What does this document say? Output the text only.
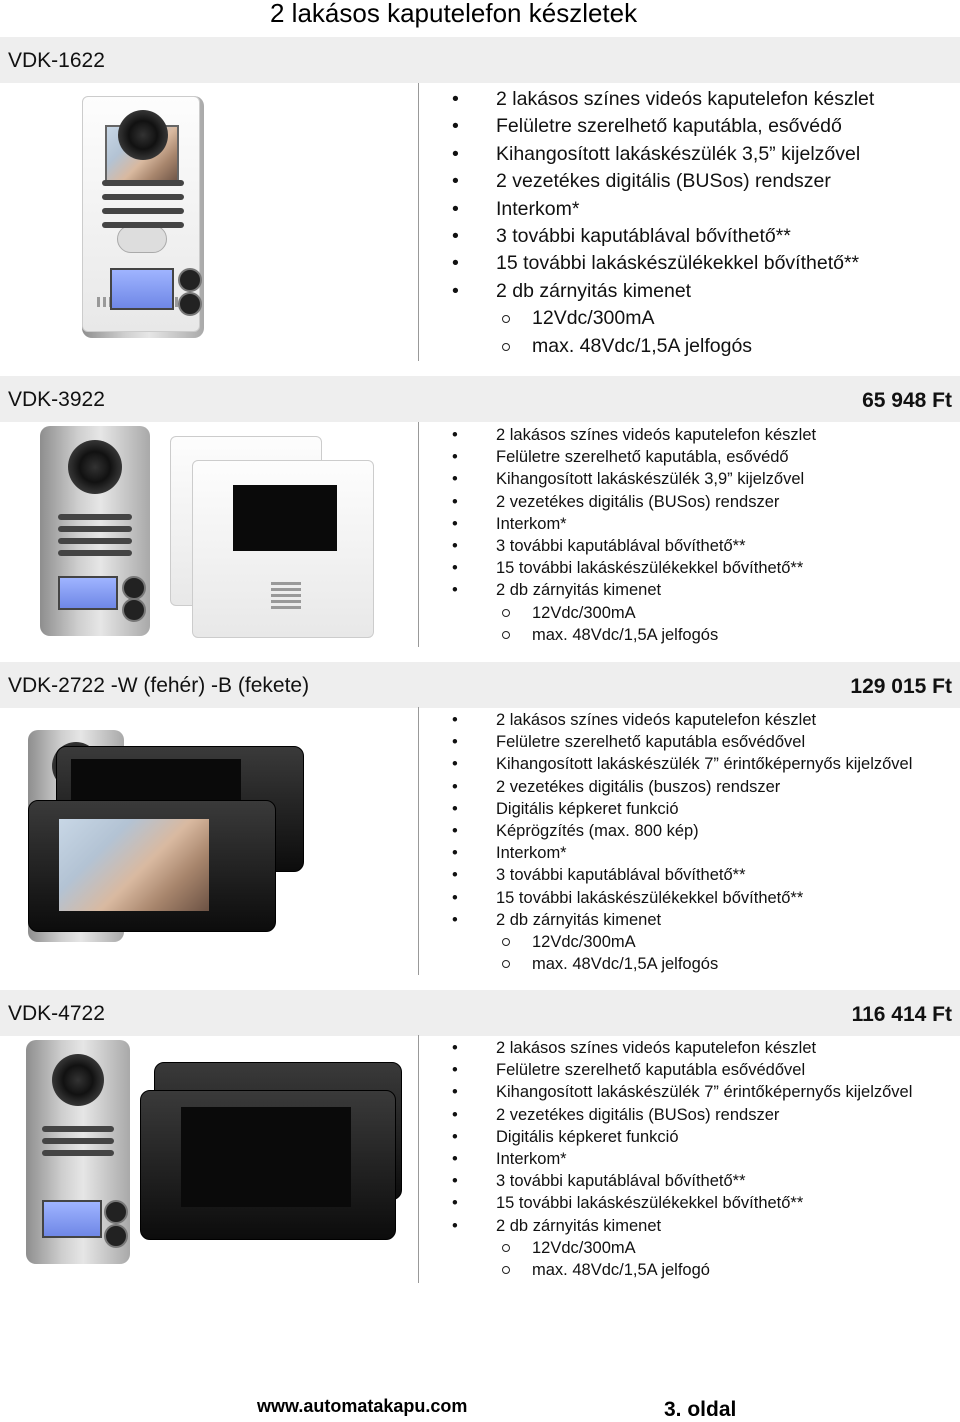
2 lakásos kaputelefon készletek
VDK-1622
• 2 lakásos színes videós kaputelefon készlet
• Felületre szerelhető kaputábla, esővédő
• Kihangosított lakáskészülék 3,5” kijelzővel
• 2 vezetékes digitális (BUSos) rendszer
• Interkom*
• 3 további kaputáblával bővíthető**
• 15 további lakáskészülékekkel bővíthető**
• 2 db zárnyitás kimenet
12Vdc/300mA
max. 48Vdc/1,5A jelfogós
VDK-3922	65 948 Ft
• 2 lakásos színes videós kaputelefon készlet
• Felületre szerelhető kaputábla, esővédő
• Kihangosított lakáskészülék 3,9” kijelzővel
• 2 vezetékes digitális (BUSos) rendszer
• Interkom*
• 3 további kaputáblával bővíthető**
• 15 további lakáskészülékekkel bővíthető**
• 2 db zárnyitás kimenet
12Vdc/300mA
max. 48Vdc/1,5A jelfogós
VDK-2722 -W (fehér) -B (fekete)	129 015 Ft
• 2 lakásos színes videós kaputelefon készlet
• Felületre szerelhető kaputábla esővédővel
• Kihangosított lakáskészülék 7” érintőképernyős kijelzővel
• 2 vezetékes digitális (buszos) rendszer
• Digitális képkeret funkció
• Képrögzítés (max. 800 kép)
• Interkom*
• 3 további kaputáblával bővíthető**
• 15 további lakáskészülékekkel bővíthető**
• 2 db zárnyitás kimenet
12Vdc/300mA
max. 48Vdc/1,5A jelfogós
VDK-4722	116 414 Ft
• 2 lakásos színes videós kaputelefon készlet
• Felületre szerelhető kaputábla esővédővel
• Kihangosított lakáskészülék 7” érintőképernyős kijelzővel
• 2 vezetékes digitális (BUSos) rendszer
• Digitális képkeret funkció
• Interkom*
• 3 további kaputáblával bővíthető**
• 15 további lakáskészülékekkel bővíthető**
• 2 db zárnyitás kimenet
12Vdc/300mA
max. 48Vdc/1,5A jelfogó
www.automatakapu.com	3. oldal
